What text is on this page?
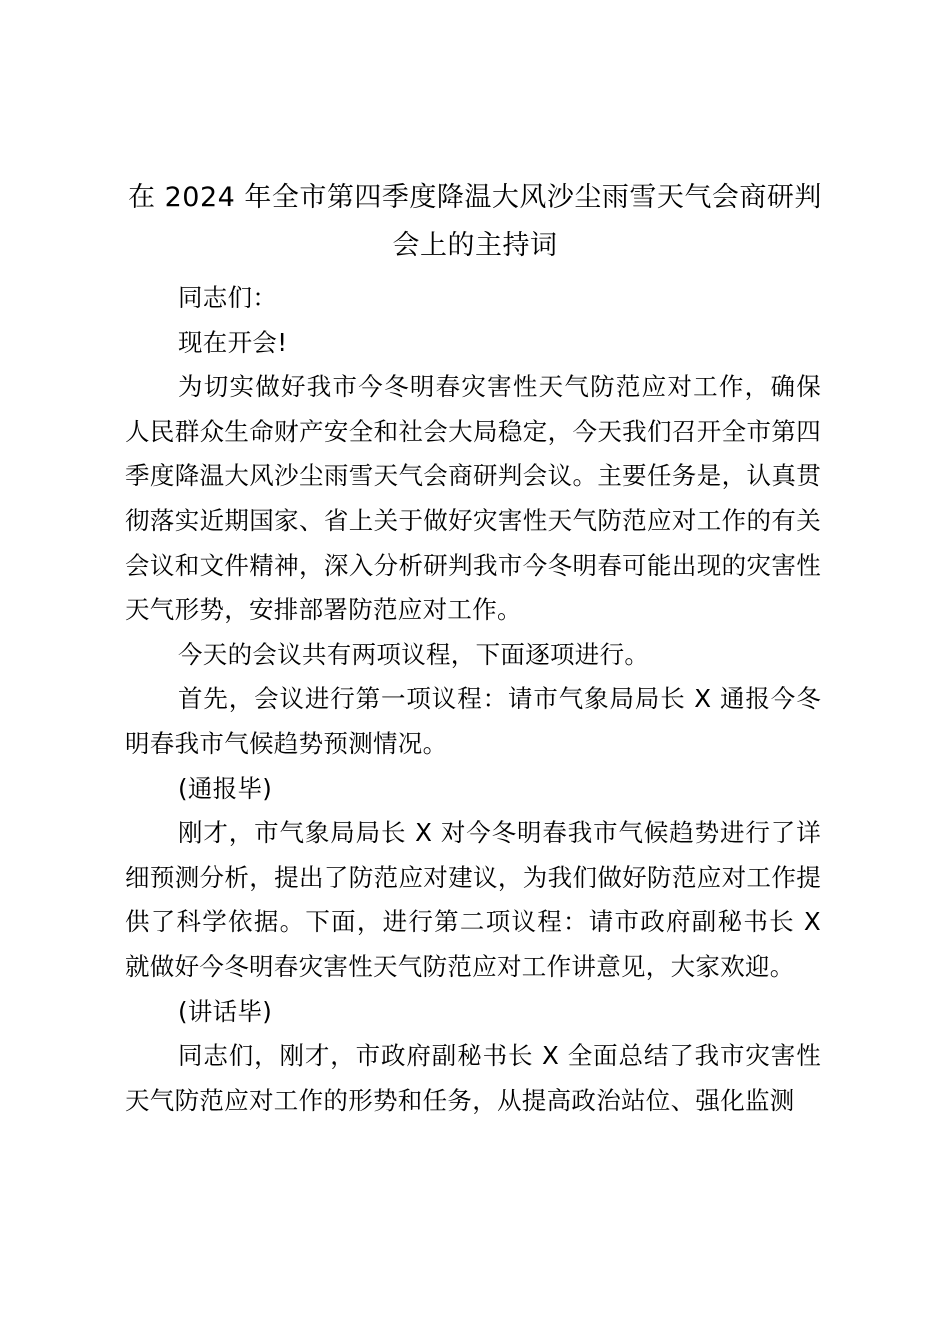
在 2024 年全市第四季度降温大风沙尘雨雪天气会商研判会上的主持词

同志们：

现在开会!

为切实做好我市今冬明春灾害性天气防范应对工作，确保人民群众生命财产安全和社会大局稳定，今天我们召开全市第四季度降温大风沙尘雨雪天气会商研判会议。主要任务是，认真贯彻落实近期国家、省上关于做好灾害性天气防范应对工作的有关会议和文件精神，深入分析研判我市今冬明春可能出现的灾害性天气形势，安排部署防范应对工作。

今天的会议共有两项议程，下面逐项进行。

首先，会议进行第一项议程：请市气象局局长 X 通报今冬明春我市气候趋势预测情况。

(通报毕)

刚才，市气象局局长 X 对今冬明春我市气候趋势进行了详细预测分析，提出了防范应对建议，为我们做好防范应对工作提供了科学依据。下面，进行第二项议程：请市政府副秘书长 X 就做好今冬明春灾害性天气防范应对工作讲意见，大家欢迎。

(讲话毕)

同志们，刚才，市政府副秘书长 X 全面总结了我市灾害性天气防范应对工作的形势和任务，从提高政治站位、强化监测
